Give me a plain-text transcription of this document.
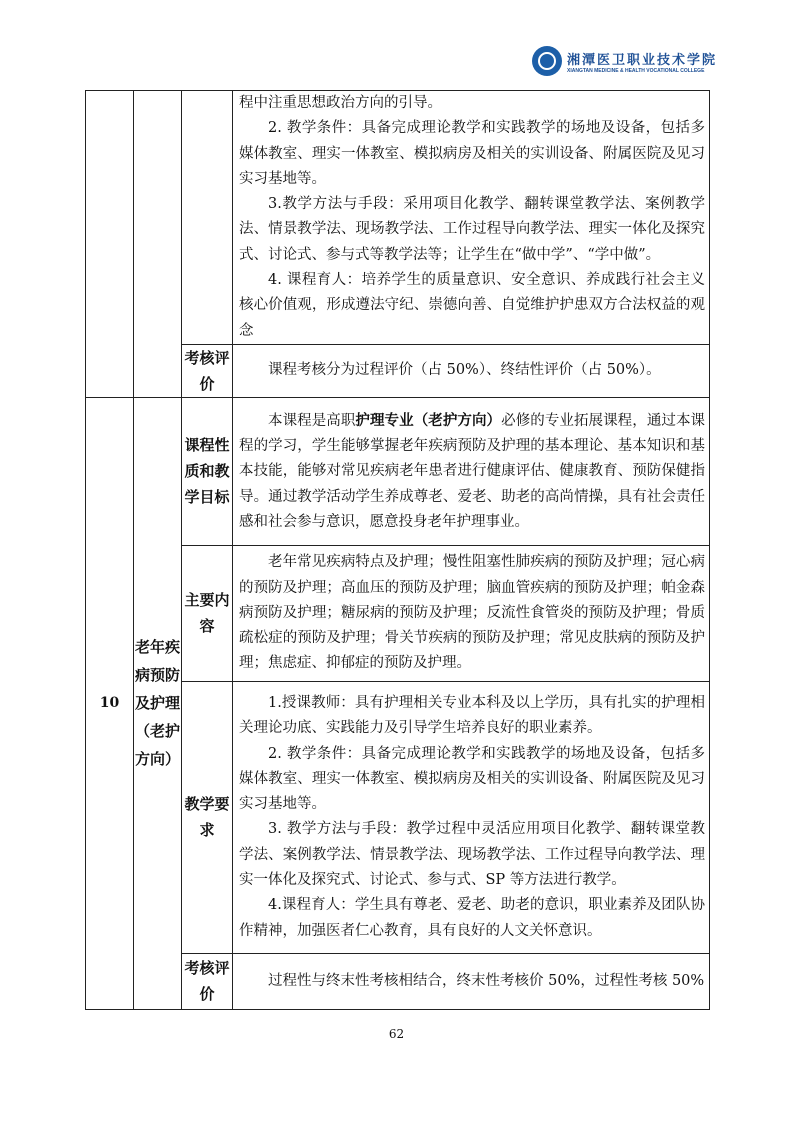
湘潭医卫职业技术学院
XIANGTAN MEDICINE & HEALTH VOCATIONAL COLLEGE

			程中注重思想政治方向的引导。

2. 教学条件：具备完成理论教学和实践教学的场地及设备，包括多媒体教室、理实一体教室、模拟病房及相关的实训设备、附属医院及见习实习基地等。

3.教学方法与手段：采用项目化教学、翻转课堂教学法、案例教学法、情景教学法、现场教学法、工作过程导向教学法、理实一体化及探究式、讨论式、参与式等教学法等；让学生在“做中学”、“学中做”。

4. 课程育人：培养学生的质量意识、安全意识、养成践行社会主义核心价值观，形成遵法守纪、崇德向善、自觉维护护患双方合法权益的观念

		考核评价	课程考核分为过程评价（占 50%）、终结性评价（占 50%）。

10	老年疾病预防及护理（老护方向）	课程性质和教学目标	本课程是高职护理专业（老护方向）必修的专业拓展课程，通过本课程的学习，学生能够掌握老年疾病预防及护理的基本理论、基本知识和基本技能，能够对常见疾病老年患者进行健康评估、健康教育、预防保健指导。通过教学活动学生养成尊老、爱老、助老的高尚情操，具有社会责任感和社会参与意识，愿意投身老年护理事业。

		主要内容	老年常见疾病特点及护理；慢性阻塞性肺疾病的预防及护理；冠心病的预防及护理；高血压的预防及护理；脑血管疾病的预防及护理；帕金森病预防及护理；糖尿病的预防及护理；反流性食管炎的预防及护理；骨质疏松症的预防及护理；骨关节疾病的预防及护理；常见皮肤病的预防及护理；焦虑症、抑郁症的预防及护理。

		教学要求	1.授课教师：具有护理相关专业本科及以上学历，具有扎实的护理相关理论功底、实践能力及引导学生培养良好的职业素养。

2. 教学条件：具备完成理论教学和实践教学的场地及设备，包括多媒体教室、理实一体教室、模拟病房及相关的实训设备、附属医院及见习实习基地等。

3. 教学方法与手段：教学过程中灵活应用项目化教学、翻转课堂教学法、案例教学法、情景教学法、现场教学法、工作过程导向教学法、理实一体化及探究式、讨论式、参与式、SP 等方法进行教学。

4.课程育人：学生具有尊老、爱老、助老的意识，职业素养及团队协作精神，加强医者仁心教育，具有良好的人文关怀意识。

		考核评价	过程性与终末性考核相结合，终末性考核价 50%，过程性考核 50%

62
